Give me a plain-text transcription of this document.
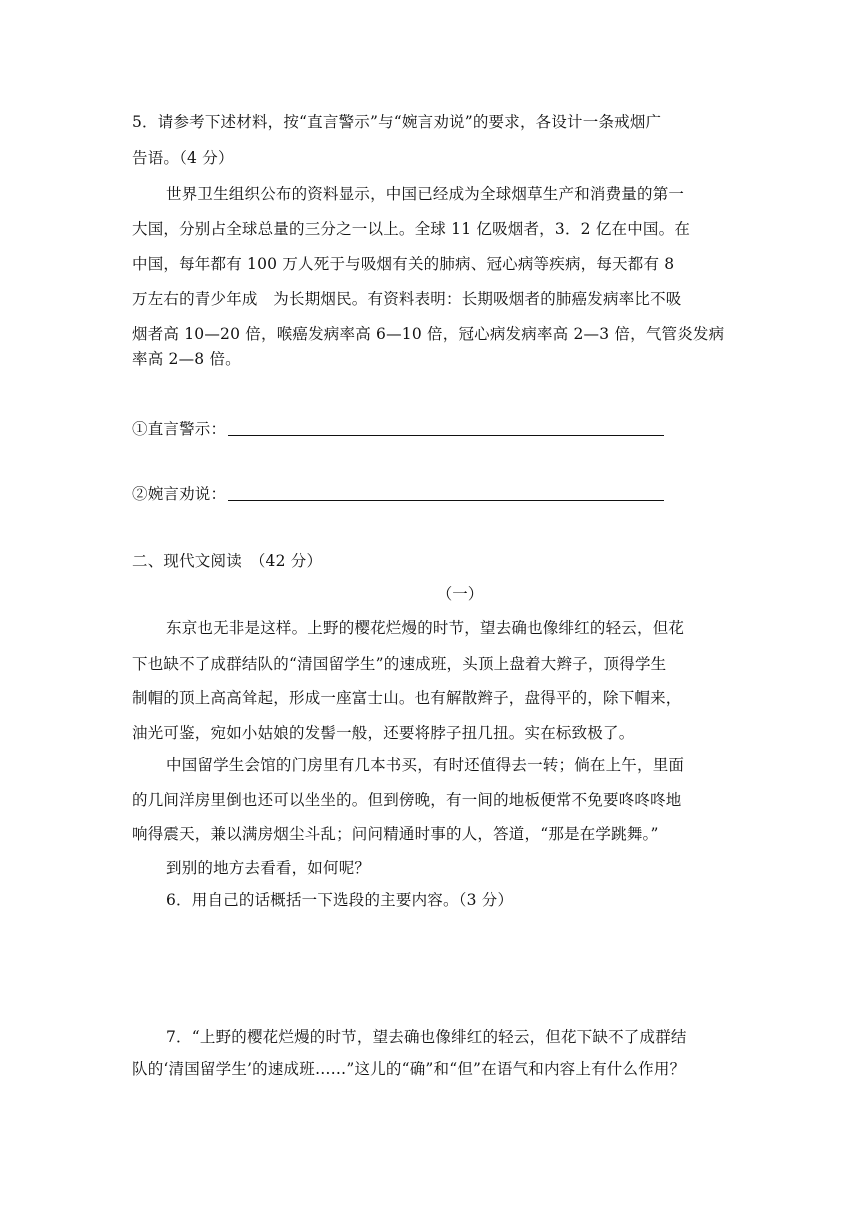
5．请参考下述材料，按“直言警示”与“婉言劝说”的要求，各设计一条戒烟广
告语。（4 分）
世界卫生组织公布的资料显示，中国已经成为全球烟草生产和消费量的第一
大国，分别占全球总量的三分之一以上。全球 11 亿吸烟者，3．2 亿在中国。在
中国，每年都有 100 万人死于与吸烟有关的肺病、冠心病等疾病，每天都有 8
万左右的青少年成　为长期烟民。有资料表明：长期吸烟者的肺癌发病率比不吸
烟者高 10—20 倍，喉癌发病率高 6—10 倍，冠心病发病率高 2—3 倍，气管炎发病
率高 2—8 倍。
①直言警示：
②婉言劝说：
二、现代文阅读　（42 分）
（一）
东京也无非是这样。上野的樱花烂熳的时节，望去确也像绯红的轻云，但花
下也缺不了成群结队的“清国留学生”的速成班，头顶上盘着大辫子，顶得学生
制帽的顶上高高耸起，形成一座富士山。也有解散辫子，盘得平的，除下帽来，
油光可鉴，宛如小姑娘的发髻一般，还要将脖子扭几扭。实在标致极了。
中国留学生会馆的门房里有几本书买，有时还值得去一转；倘在上午，里面
的几间洋房里倒也还可以坐坐的。但到傍晚，有一间的地板便常不免要咚咚咚地
响得震天，兼以满房烟尘斗乱；问问精通时事的人，答道，“那是在学跳舞。”
到别的地方去看看，如何呢？
6．用自己的话概括一下选段的主要内容。（3 分）
7．“上野的樱花烂熳的时节，望去确也像绯红的轻云，但花下缺不了成群结
队的‘清国留学生’的速成班……”这儿的“确”和“但”在语气和内容上有什么作用？
